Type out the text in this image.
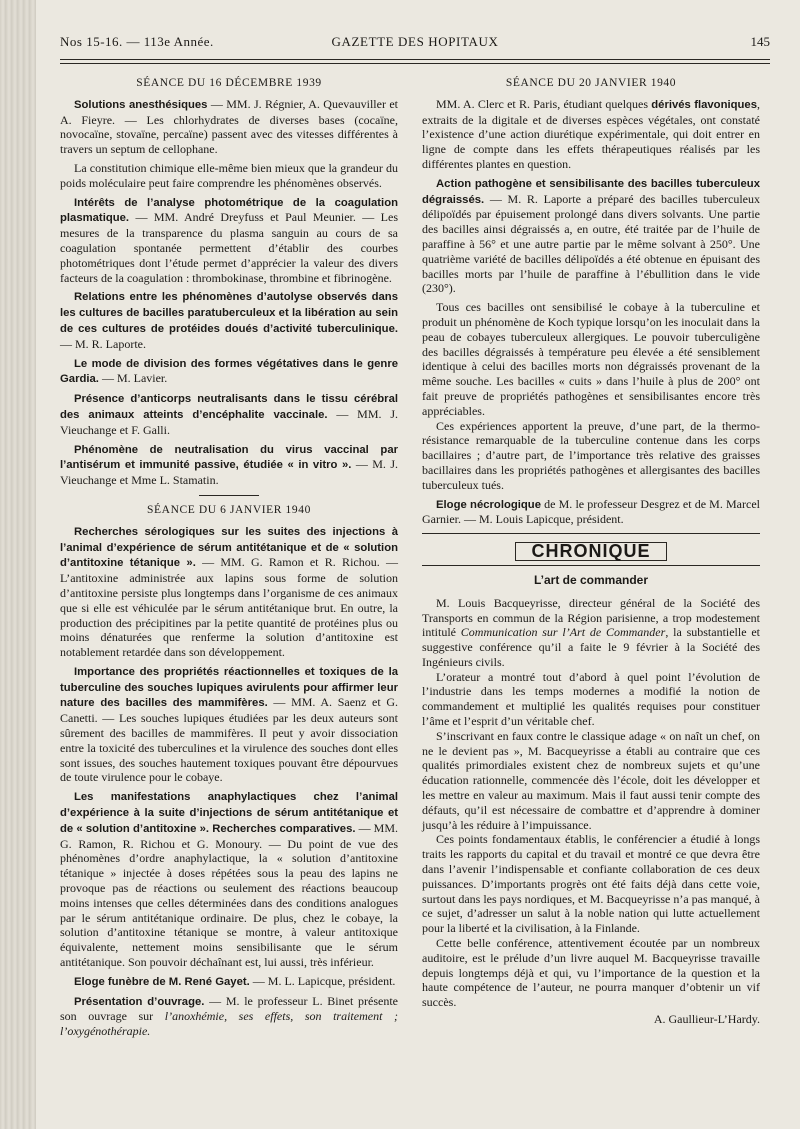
Nos 15-16. — 113e Année.	GAZETTE DES HOPITAUX	145
SÉANCE DU 16 DÉCEMBRE 1939

Solutions anesthésiques — MM. J. Régnier, A. Quevauviller et A. Fieyre. — Les chlorhydrates de diverses bases (cocaïne, novocaïne, stovaïne, percaïne) passent avec des vitesses différentes à travers un septum de cellophane.

La constitution chimique elle-même bien mieux que la grandeur du poids moléculaire peut faire comprendre les phénomènes observés.

Intérêts de l’analyse photométrique de la coagulation plasmatique. — MM. André Dreyfuss et Paul Meunier. — Les mesures de la transparence du plasma sanguin au cours de sa coagulation spontanée permettent d’établir des courbes photométriques dont l’étude permet d’apprécier la valeur des divers facteurs de la coagulation : thrombokinase, thrombine et fibrinogène.

Relations entre les phénomènes d’autolyse observés dans les cultures de bacilles paratuberculeux et la libération au sein de ces cultures de protéides doués d’activité tuberculinique. — M. R. Laporte.

Le mode de division des formes végétatives dans le genre Gardia. — M. Lavier.

Présence d’anticorps neutralisants dans le tissu cérébral des animaux atteints d’encéphalite vaccinale. — MM. J. Vieuchange et F. Galli.

Phénomène de neutralisation du virus vaccinal par l’antisérum et immunité passive, étudiée « in vitro ». — M. J. Vieuchange et Mme L. Stamatin.

SÉANCE DU 6 JANVIER 1940

Recherches sérologiques sur les suites des injections à l’animal d’expérience de sérum antitétanique et de « solution d’antitoxine tétanique ». — MM. G. Ramon et R. Richou. — L’antitoxine administrée aux lapins sous forme de solution d’antitoxine persiste plus longtemps dans l’organisme de ces animaux que si elle est véhiculée par le sérum antitétanique brut. En outre, la production des précipitines par la petite quantité de protéines plus ou moins dénaturées que renferme la solution d’antitoxine est notablement retardée dans son développement.

Importance des propriétés réactionnelles et toxiques de la tuberculine des souches lupiques avirulents pour affirmer leur nature des bacilles des mammifères. — MM. A. Saenz et G. Canetti. — Les souches lupiques étudiées par les deux auteurs sont sûrement des bacilles de mammifères. Il peut y avoir dissociation entre la toxicité des tuberculines et la virulence des souches dont elles sont issues, des souches hautement toxiques pouvant être dépourvues de toute virulence pour le cobaye.

Les manifestations anaphylactiques chez l’animal d’expérience à la suite d’injections de sérum antitétanique et de « solution d’antitoxine ». Recherches comparatives. — MM. G. Ramon, R. Richou et G. Monoury. — Du point de vue des phénomènes d’ordre anaphylactique, la « solution d’antitoxine tétanique » injectée à doses répétées sous la peau des lapins ne provoque pas de réactions ou seulement des réactions beaucoup moins intenses que celles déterminées dans des conditions analogues par le sérum antitétanique ordinaire. De plus, chez le cobaye, la solution d’antitoxine tétanique se montre, à valeur antitoxique équivalente, nettement moins sensibilisante que le sérum antitétanique. Son pouvoir déchaînant est, lui aussi, très inférieur.

Eloge funèbre de M. René Gayet. — M. L. Lapicque, président.

Présentation d’ouvrage. — M. le professeur L. Binet présente son ouvrage sur l’anoxhémie, ses effets, son traitement ; l’oxygénothérapie.

SÉANCE DU 20 JANVIER 1940

MM. A. Clerc et R. Paris, étudiant quelques dérivés flavoniques, extraits de la digitale et de diverses espèces végétales, ont constaté l’existence d’une action diurétique expérimentale, qui doit entrer en ligne de compte dans les effets thérapeutiques réalisés par les différentes plantes en question.

Action pathogène et sensibilisante des bacilles tuberculeux dégraissés. — M. R. Laporte a préparé des bacilles tuberculeux délipoïdés par épuisement prolongé dans divers solvants. Une partie des bacilles ainsi dégraissés a, en outre, été traitée par de l’huile de paraffine à 56° et une autre partie par le même solvant à 250°. Une quatrième variété de bacilles délipoïdés a été obtenue en épuisant des bacilles morts par l’huile de paraffine à l’ébullition dans le vide (230°).

Tous ces bacilles ont sensibilisé le cobaye à la tuberculine et produit un phénomène de Koch typique lorsqu’on les inoculait dans la peau de cobayes tuberculeux allergiques. Le pouvoir tuberculigène des bacilles dégraissés à température peu élevée a été sensiblement identique à celui des bacilles morts non dégraissés provenant de la même souche. Les bacilles « cuits » dans l’huile à plus de 200° ont fait preuve de propriétés pathogènes et sensibilisantes encore très appréciables.

Ces expériences apportent la preuve, d’une part, de la thermo-résistance remarquable de la tuberculine contenue dans les corps bacillaires ; d’autre part, de l’importance très relative des graisses bacillaires dans les propriétés pathogènes et allergisantes des bacilles tuberculeux tués.

Eloge nécrologique de M. le professeur Desgrez et de M. Marcel Garnier. — M. Louis Lapicque, président.

CHRONIQUE
L’art de commander

M. Louis Bacqueyrisse, directeur général de la Société des Transports en commun de la Région parisienne, a trop modestement intitulé Communication sur l’Art de Commander, la substantielle et suggestive conférence qu’il a faite le 9 février à la Société des Ingénieurs civils.

L’orateur a montré tout d’abord à quel point l’évolution de l’industrie dans les temps modernes a modifié la notion de commandement et multiplié les qualités requises pour constituer l’âme et l’esprit d’un véritable chef.

S’inscrivant en faux contre le classique adage « on naît un chef, on ne le devient pas », M. Bacqueyrisse a établi au contraire que ces qualités primordiales existent chez de nombreux sujets et qu’une éducation rationnelle, commencée dès l’école, doit les développer et les mettre en valeur au maximum. Mais il faut aussi tenir compte des défauts, qu’il est nécessaire de combattre et d’apprendre à dominer jusqu’à les réduire à l’impuissance.

Ces points fondamentaux établis, le conférencier a étudié à longs traits les rapports du capital et du travail et montré ce que devra être dans l’avenir l’indispensable et confiante collaboration de ces deux puissances. D’importants progrès ont été faits déjà dans cette voie, surtout dans les pays nordiques, et M. Bacqueyrisse n’a pas manqué, à ce sujet, d’adresser un salut à la noble nation qui lutte actuellement pour la liberté et la civilisation, à la Finlande.

Cette belle conférence, attentivement écoutée par un nombreux auditoire, est le prélude d’un livre auquel M. Bacqueyrisse travaille depuis longtemps déjà et qui, vu l’importance de la question et la haute compétence de l’auteur, ne pourra manquer d’obtenir un vif succès.

A. Gaullieur-L’Hardy.
